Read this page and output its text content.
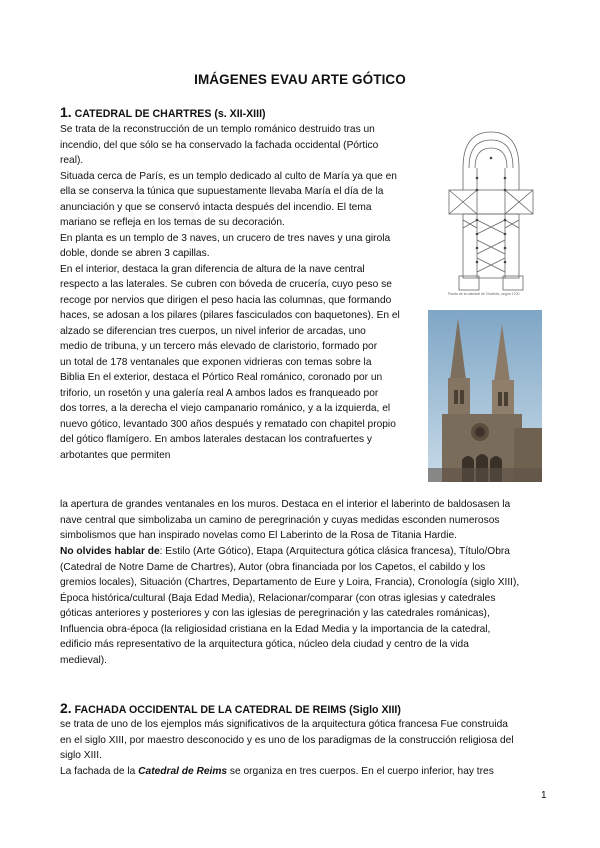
IMÁGENES EVAU ARTE GÓTICO
1. CATEDRAL DE CHARTRES (s. XII-XIII)
Se trata de la reconstrucción de un templo románico destruido tras un
incendio, del que sólo se ha conservado la fachada occidental (Pórtico
real).
Situada cerca de París, es un templo dedicado al culto de María ya que en
ella se conserva la túnica que supuestamente llevaba María el día de la
anunciación y que se conservó intacta después del incendio. El tema
mariano se refleja en los temas de su decoración.
En planta es un templo de 3 naves, un crucero de tres naves y una girola
doble, donde se abren 3 capillas.
En el interior, destaca la gran diferencia de altura de la nave central
respecto a las laterales. Se cubren con bóveda de crucería, cuyo peso se
recoge por nervios que dirigen el peso hacia las columnas, que formando
haces, se adosan a los pilares (pilares fasciculados con baquetones). En el
alzado se diferencian tres cuerpos, un nivel inferior de arcadas, uno
medio de tribuna, y un tercero más elevado de claristorio, formado por
un total de 178 ventanales que exponen vidrieras con temas sobre la
Biblia En el exterior, destaca el Pórtico Real románico, coronado por un
triforio, un rosetón y una galería real A ambos lados es franqueado por
dos torres, a la derecha el viejo campanario románico, y a la izquierda, el
nuevo gótico, levantado 300 años después y rematado con chapitel propio
del gótico flamígero. En ambos laterales destacan los contrafuertes y
arbotantes que permiten
la apertura de grandes ventanales en los muros. Destaca en el interior el laberinto de baldosasen la
nave central que simbolizaba un camino de peregrinación y cuyas medidas esconden numerosos
simbolismos que han inspirado novelas como El Laberinto de la Rosa de Titania Hardie.
No olvides hablar de: Estilo (Arte Gótico), Etapa (Arquitectura gótica clásica francesa), Título/Obra
(Catedral de Notre Dame de Chartres), Autor (obra financiada por los Capetos, el cabildo y los
gremios locales), Situación (Chartres, Departamento de Eure y Loira, Francia), Cronología (siglo XIII),
Época histórica/cultural (Baja Edad Media), Relacionar/comparar (con otras iglesias y catedrales
góticas anteriores y posteriores y con las iglesias de peregrinación y las catedrales románicas),
Influencia obra-época (la religiosidad cristiana en la Edad Media y la importancia de la catedral,
edificio más representativo de la arquitectura gótica, núcleo dela ciudad y centro de la vida
medieval).
2. FACHADA OCCIDENTAL DE LA CATEDRAL DE REIMS (Siglo XIII)
se trata de uno de los ejemplos más significativos de la arquitectura gótica francesa Fue construida
en el siglo XIII, por maestro desconocido y es uno de los paradigmas de la construcción religiosa del
siglo XIII.
La fachada de la Catedral de Reims se organiza en tres cuerpos. En el cuerpo inferior, hay tres
Planta de la catedral de Chartres, según 1700
1
